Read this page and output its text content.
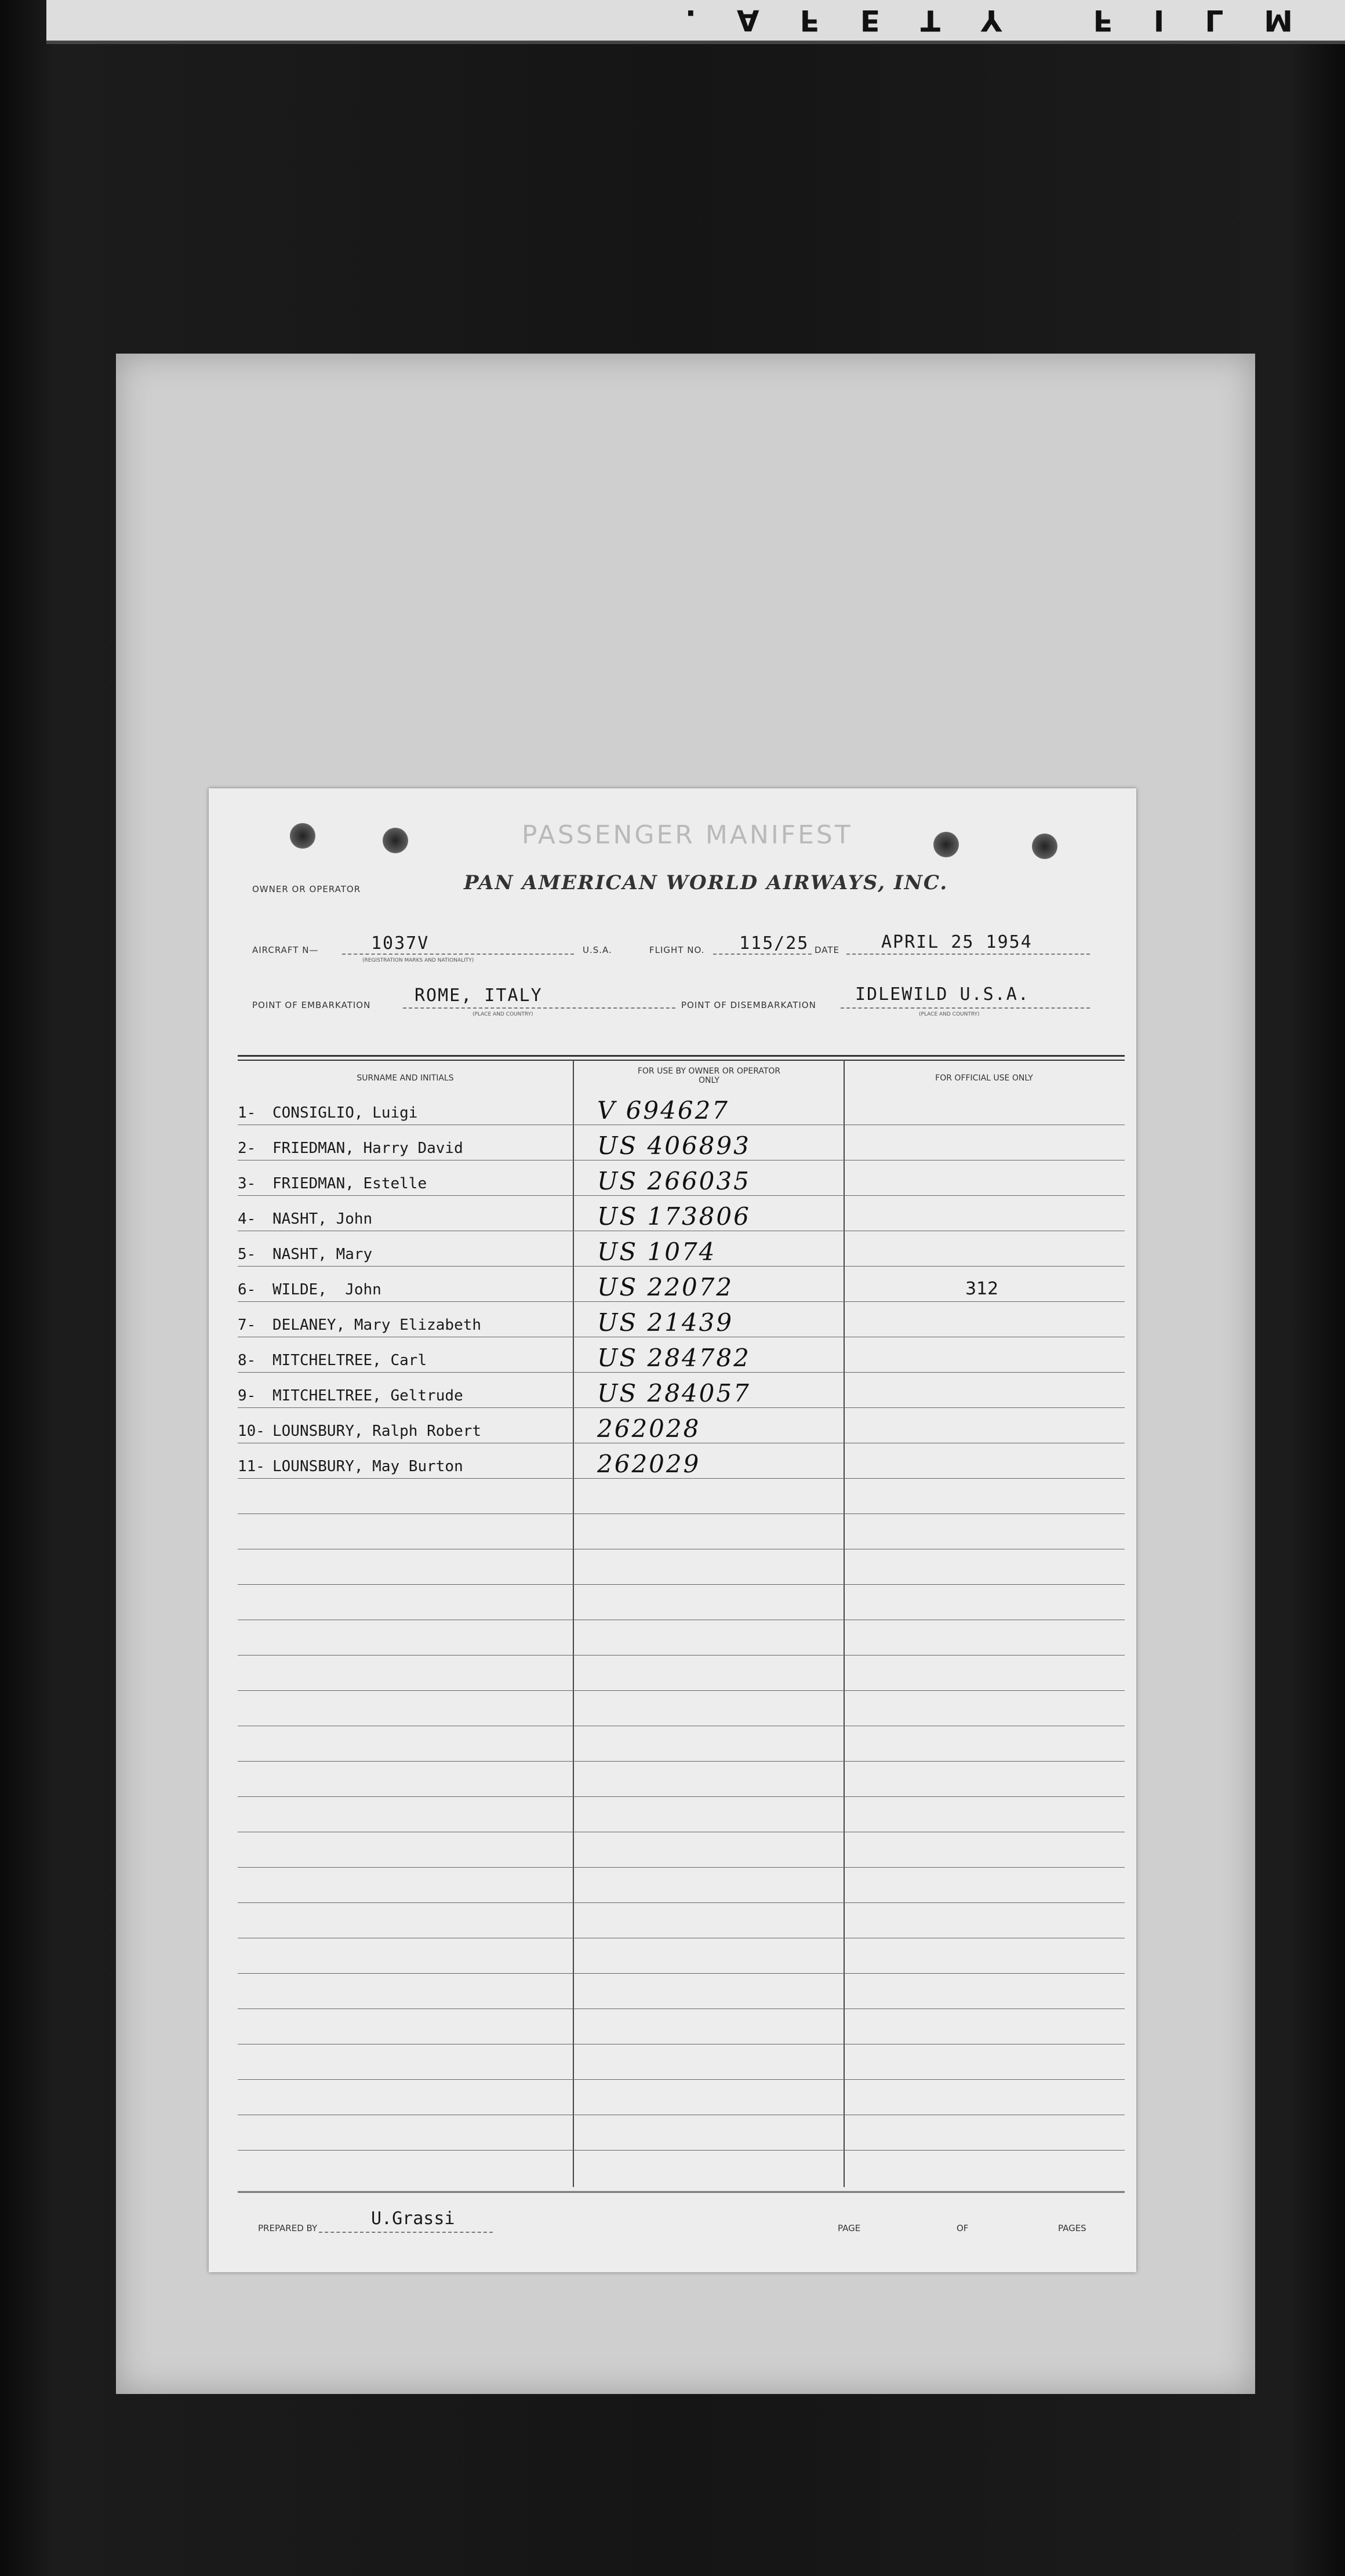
.AFETY FILM
PASSENGER MANIFEST
OWNER OR OPERATOR	PAN AMERICAN WORLD AIRWAYS, INC.
AIRCRAFT N—	1037V
(REGISTRATION MARKS AND NATIONALITY)
U.S.A.	FLIGHT NO. 115/25 DATE APRIL 25 1954
POINT OF EMBARKATION	ROME, ITALY
(PLACE AND COUNTRY)
POINT OF DISEMBARKATION
IDLEWILD U.S.A.
(PLACE AND COUNTRY)
SURNAME AND INITIALS
FOR USE BY OWNER OR OPERATOR ONLY	FOR OFFICIAL USE ONLY
1- CONSIGLIO, Luigi	V 694627
2- FRIEDMAN, Harry David	US 406893
3- FRIEDMAN, Estelle	US 266035
4- NASHT, John	US 173806
5- NASHT, Mary	US 1074
6- WILDE,  John	US 22072	312
7- DELANEY, Mary Elizabeth	US 21439
8- MITCHELTREE, Carl	US 284782
9- MITCHELTREE, Geltrude	US 284057
10- LOUNSBURY, Ralph Robert	262028
11- LOUNSBURY, May Burton	262029
PREPARED BY	U.Grassi	PAGE	OF	PAGES
